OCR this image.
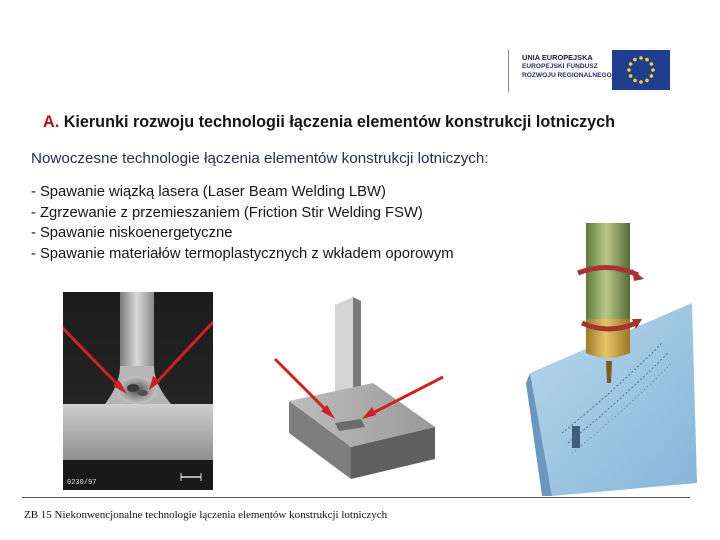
UNIA EUROPEJSKA
EUROPEJSKI FUNDUSZ
ROZWOJU REGIONALNEGO
A. Kierunki rozwoju technologii łączenia elementów konstrukcji lotniczych

Nowoczesne technologie łączenia elementów konstrukcji lotniczych:

- Spawanie wiązką lasera (Laser Beam Welding LBW)
- Zgrzewanie z przemieszaniem (Friction Stir Welding FSW)
- Spawanie niskoenergetyczne
- Spawanie materiałów termoplastycznych z wkładem oporowym
0230/97

ZB 15 Niekonwencjonalne technologie łączenia elementów konstrukcji lotniczych
